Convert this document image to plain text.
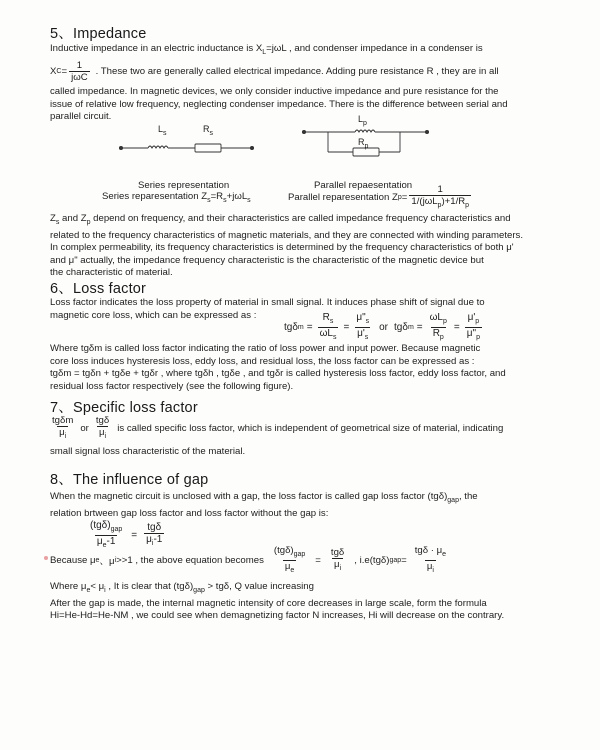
5、Impedance
Inductive impedance in an electric inductance is $X_L=j\omega L$ , and condenser impedance in a condenser is
X $C = \frac{1}{\text{jωC}}$ . These two are generally called electrical impedance. Adding pure resistance R , they are in all
called impedance. In magnetic devices, we only consider inductive impedance and pure resistance for the
issue of relative low frequency, neglecting condenser impedance. There is the difference between serial and
parallel circuit.
$L_s$	$R_s$
$L_p$
$R_p$
Series representation
Series reparesentation $Z_s=R_s+j\omega L_s$
Parallel repaesentation
Parallel reparesentation Z $p = \frac{1}{1/(j\omega L_p)+1/R_p}$
$Z_s$ and $Z_p$ depend on frequency, and their characteristics are called impedance frequency characteristics and
related to the frequency characteristics of magnetic materials, and they are connected with winding parameters.
In complex permeability, its frequency characteristics is determined by the frequency characteristics of both μ'
and μ" actually, the impedance frequency characteristic is the characteristic of the magnetic device but
the characteristic of material.
6、Loss factor
Loss factor indicates the loss property of material in small signal. It induces phase shift of signal due to
magnetic core loss, which can be expressed as :
tgδ $m = \frac{R_s}{\omega L_s} = \frac{\mu"_s}{\mu'_s}$ or tgδ $m = \frac{\omega L_p}{R_p} = \frac{\mu'_p}{\mu"_p}$
Where tgδm is called loss factor indicating the ratio of loss power and input power. Because magnetic
core loss induces hysteresis loss, eddy loss, and residual loss, the loss factor can be expressed as :
tgδm = tgδn + tgδe + tgδr , where tgδh , tgδe , and tgδr is called hysteresis loss factor, eddy loss factor, and
residual loss factor respectively (see the following figure).
7、Specific loss factor
$\frac{\text{tgδm}}{\mu_i}$ or $\frac{\text{tgδ}}{\mu_i}$ is called specific loss factor, which is independent of geometrical size of material, indicating
small signal loss characteristic of the material.
8、The influence of gap
When the magnetic circuit is unclosed with a gap, the loss factor is called gap loss factor $(tg\delta)_{gap}$, the
relation brtween gap loss factor and loss factor without the gap is:
$\frac{(tg\delta)_{gap}}{\mu_e-1} = \frac{\text{tgδ}}{\mu_i-1}$
Because μ e 、μ i >>1 , the above equation becomes $\frac{(tg\delta)_{gap}}{\mu_e} = \frac{\text{tgδ}}{\mu_i}$ , i.e(tgδ) gap = $\frac{tg\delta \cdot \mu_e}{\mu_i}$
Where $\mu_e< \mu_i$ , It is clear that $(tg\delta)_{gap} > tg\delta$, Q value increasing
After the gap is made, the internal magnetic intensity of core decreases in large scale, form the formula
Hi=He-Hd=He-NM , we could see when demagnetizing factor N increases, Hi will decrease on the contrary.
